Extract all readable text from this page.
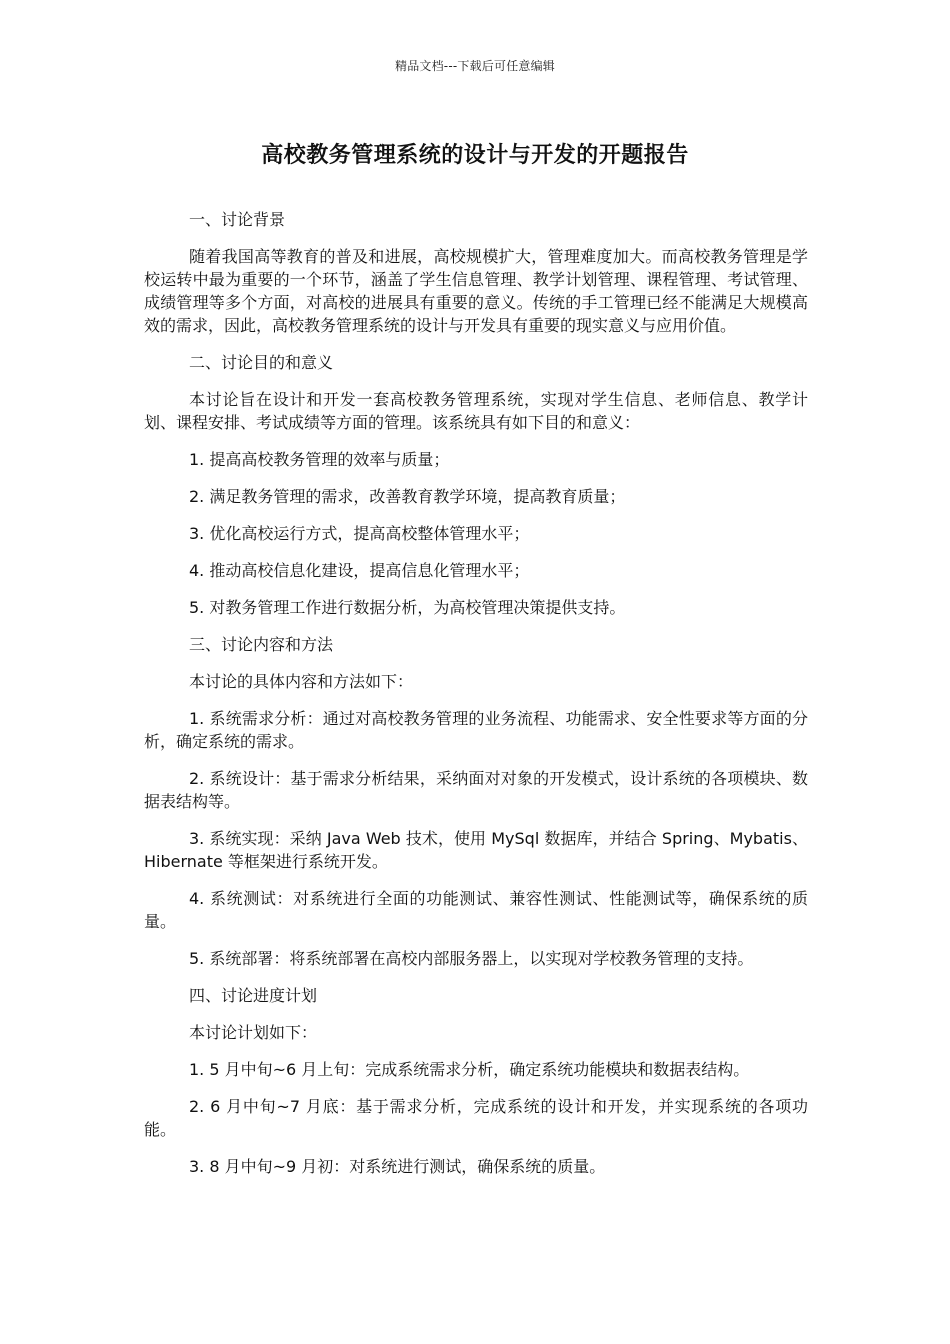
精品文档---下载后可任意编辑
高校教务管理系统的设计与开发的开题报告

一、讨论背景

随着我国高等教育的普及和进展，高校规模扩大，管理难度加大。而高校教务管理是学校运转中最为重要的一个环节，涵盖了学生信息管理、教学计划管理、课程管理、考试管理、成绩管理等多个方面，对高校的进展具有重要的意义。传统的手工管理已经不能满足大规模高效的需求，因此，高校教务管理系统的设计与开发具有重要的现实意义与应用价值。

二、讨论目的和意义

本讨论旨在设计和开发一套高校教务管理系统，实现对学生信息、老师信息、教学计划、课程安排、考试成绩等方面的管理。该系统具有如下目的和意义：

1. 提高高校教务管理的效率与质量；

2. 满足教务管理的需求，改善教育教学环境，提高教育质量；

3. 优化高校运行方式，提高高校整体管理水平；

4. 推动高校信息化建设，提高信息化管理水平；

5. 对教务管理工作进行数据分析，为高校管理决策提供支持。

三、讨论内容和方法

本讨论的具体内容和方法如下：

1. 系统需求分析：通过对高校教务管理的业务流程、功能需求、安全性要求等方面的分析，确定系统的需求。

2. 系统设计：基于需求分析结果，采纳面对对象的开发模式，设计系统的各项模块、数据表结构等。

3. 系统实现：采纳 Java Web 技术，使用 MySql 数据库，并结合 Spring、Mybatis、Hibernate 等框架进行系统开发。

4. 系统测试：对系统进行全面的功能测试、兼容性测试、性能测试等，确保系统的质量。

5. 系统部署：将系统部署在高校内部服务器上，以实现对学校教务管理的支持。

四、讨论进度计划

本讨论计划如下：

1. 5 月中旬~6 月上旬：完成系统需求分析，确定系统功能模块和数据表结构。

2. 6 月中旬~7 月底：基于需求分析，完成系统的设计和开发，并实现系统的各项功能。

3. 8 月中旬~9 月初：对系统进行测试，确保系统的质量。
